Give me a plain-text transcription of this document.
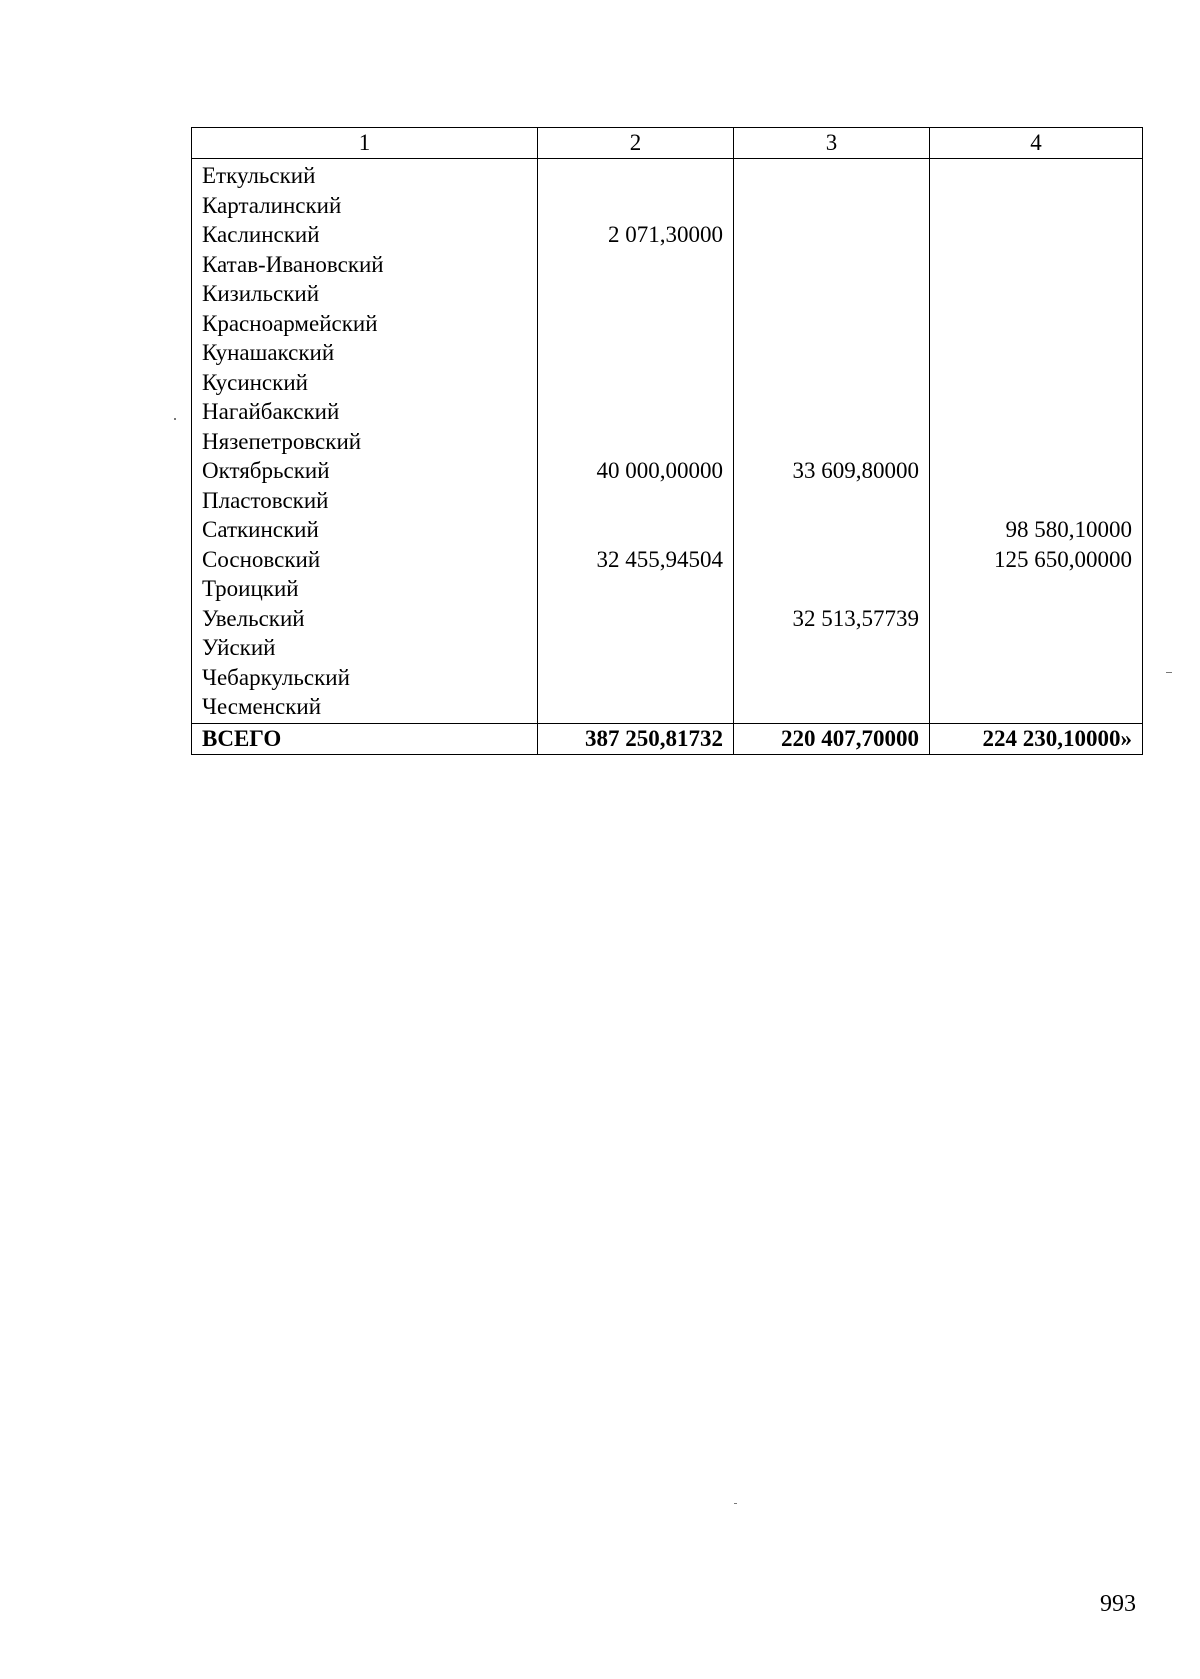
1	2	3	4
Еткульский			
Карталинский			
Каслинский	2 071,30000		
Катав-Ивановский			
Кизильский			
Красноармейский			
Кунашакский			
Кусинский			
Нагайбакский			
Нязепетровский			
Октябрьский	40 000,00000	33 609,80000	
Пластовский			
Саткинский			98 580,10000
Сосновский	32 455,94504		125 650,00000
Троицкий			
Увельский		32 513,57739	
Уйский			
Чебаркульский			
Чесменский			
ВСЕГО	387 250,81732	220 407,70000	224 230,10000»
993
